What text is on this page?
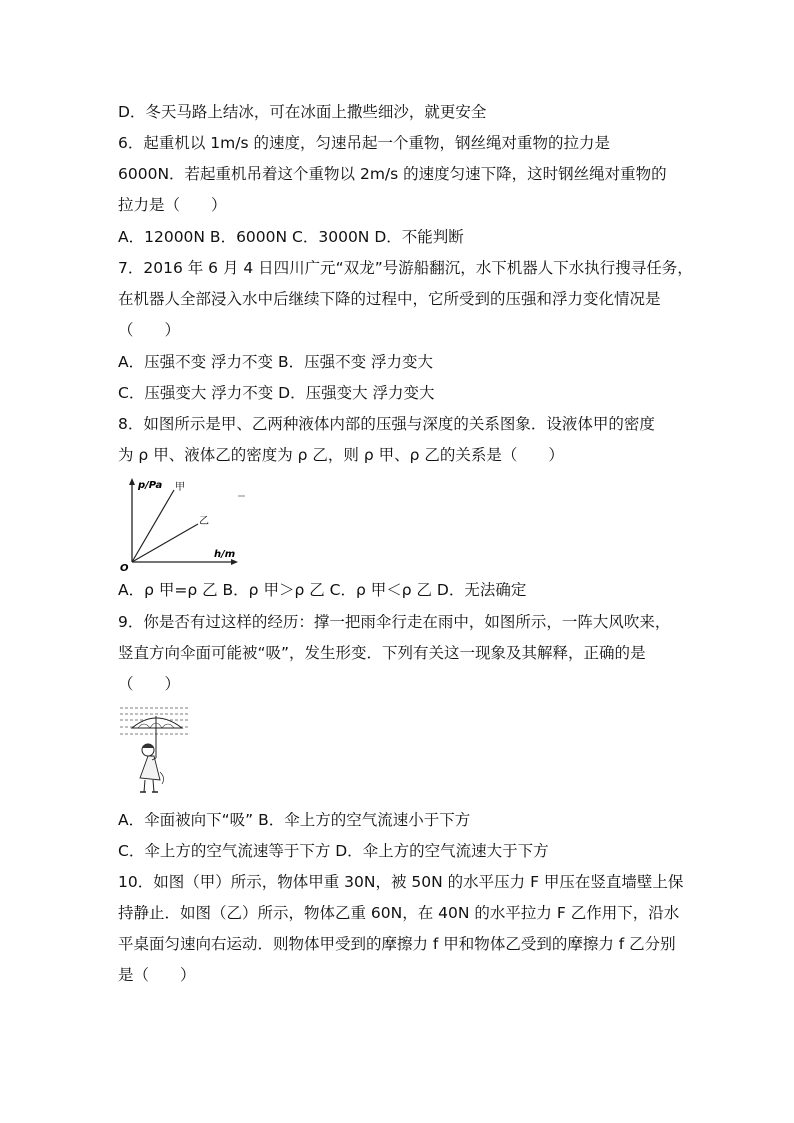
D．冬天马路上结冰，可在冰面上撒些细沙，就更安全
6．起重机以 1m/s 的速度，匀速吊起一个重物，钢丝绳对重物的拉力是
6000N．若起重机吊着这个重物以 2m/s 的速度匀速下降，这时钢丝绳对重物的
拉力是（　　）
A．12000N B．6000N C．3000N D．不能判断
7．2016 年 6 月 4 日四川广元“双龙”号游船翻沉，水下机器人下水执行搜寻任务，
在机器人全部浸入水中后继续下降的过程中，它所受到的压强和浮力变化情况是
（　　）
A．压强不变 浮力不变 B．压强不变 浮力变大
C．压强变大 浮力不变 D．压强变大 浮力变大
8．如图所示是甲、乙两种液体内部的压强与深度的关系图象．设液体甲的密度
为 ρ 甲、液体乙的密度为 ρ 乙，则 ρ 甲、ρ 乙的关系是（　　）
A．ρ 甲=ρ 乙 B．ρ 甲＞ρ 乙 C．ρ 甲＜ρ 乙 D．无法确定
9．你是否有过这样的经历：撑一把雨伞行走在雨中，如图所示，一阵大风吹来，
竖直方向伞面可能被“吸”，发生形变．下列有关这一现象及其解释，正确的是
（　　）
A．伞面被向下“吸” B．伞上方的空气流速小于下方
C．伞上方的空气流速等于下方 D．伞上方的空气流速大于下方
10．如图（甲）所示，物体甲重 30N，被 50N 的水平压力 F 甲压在竖直墙壁上保
持静止．如图（乙）所示，物体乙重 60N，在 40N 的水平拉力 F 乙作用下，沿水
平桌面匀速向右运动．则物体甲受到的摩擦力 f 甲和物体乙受到的摩擦力 f 乙分别
是（　　）
p/Pa
h/m
O
甲
乙
